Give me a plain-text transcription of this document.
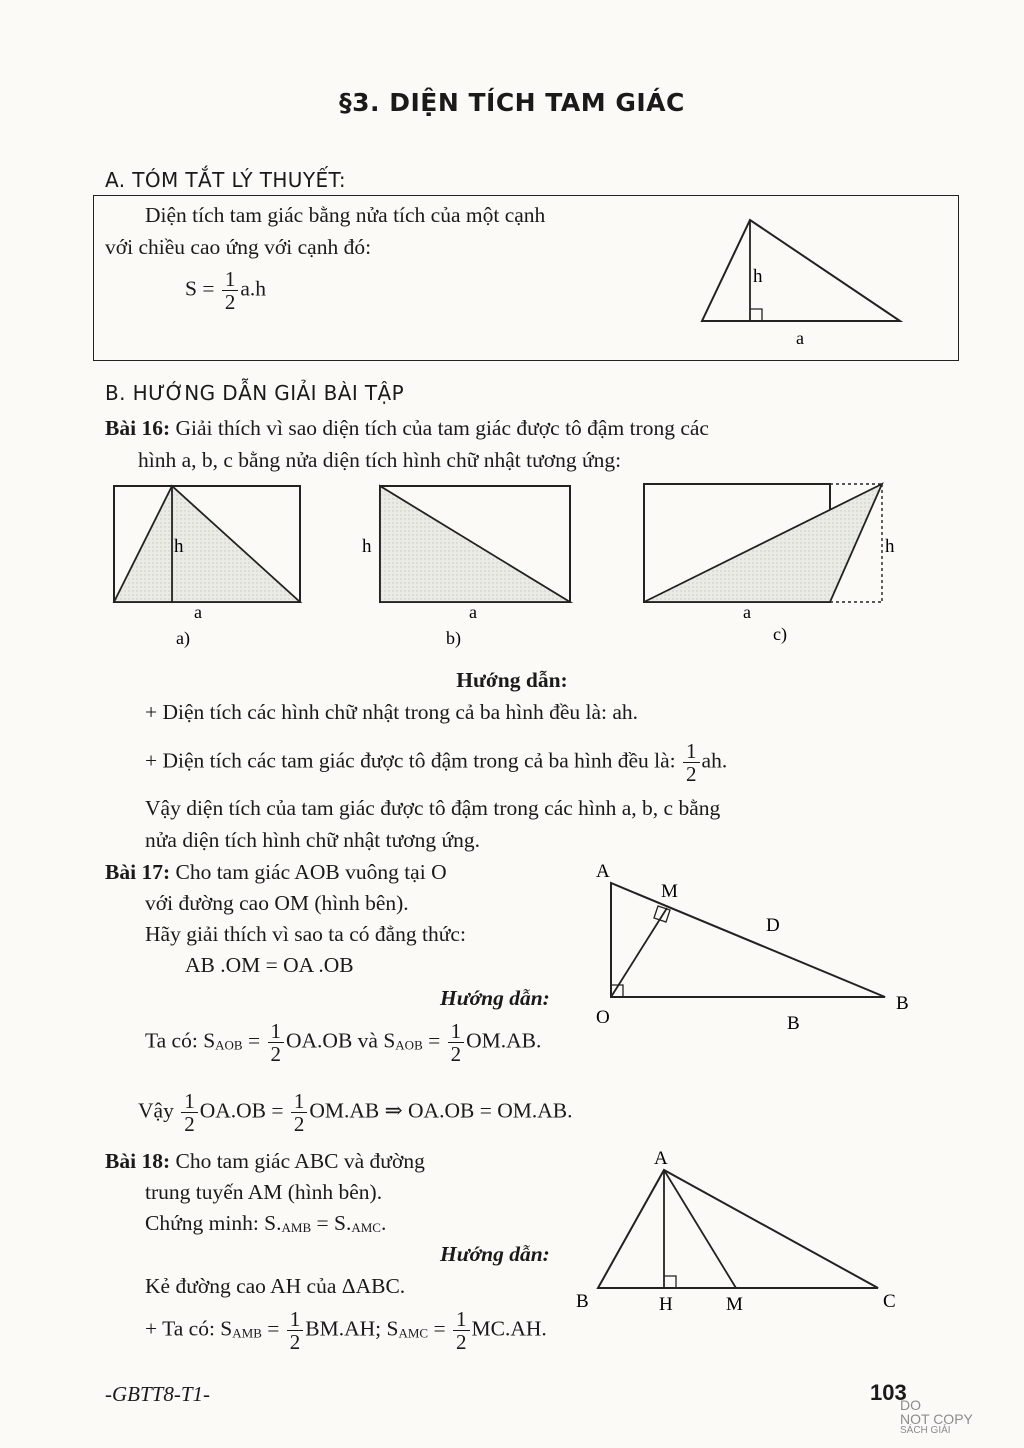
§3. DIỆN TÍCH TAM GIÁC
A. TÓM TẮT LÝ THUYẾT:
Diện tích tam giác bằng nửa tích của một cạnh
với chiều cao ứng với cạnh đó:
$S = \frac{1}{2} a.h$	h
a
B. HƯỚNG DẪN GIẢI BÀI TẬP
Bài 16: Giải thích vì sao diện tích của tam giác được tô đậm trong các
hình a, b, c bằng nửa diện tích hình chữ nhật tương ứng:
h
a
a)
h
a
b)
h
a
c)
Hướng dẫn:
+ Diện tích các hình chữ nhật trong cả ba hình đều là: ah.
+ Diện tích các tam giác được tô đậm trong cả ba hình đều là: $\frac{1}{2}$ ah.
Vậy diện tích của tam giác được tô đậm trong các hình a, b, c bằng
nửa diện tích hình chữ nhật tương ứng.
Bài 17: Cho tam giác AOB vuông tại O
với đường cao OM (hình bên).
Hãy giải thích vì sao ta có đẳng thức:
AB .OM = OA .OB
Hướng dẫn:
A
M
D
O
B
B
Ta có: $S_{AOB} = \frac{1}{2} OA.OB$ và $S_{AOB} = \frac{1}{2} OM.AB$.
Vậy $\frac{1}{2} OA.OB = \frac{1}{2} OM.AB$ ⇒ OA.OB = OM.AB.
Bài 18: Cho tam giác ABC và đường
trung tuyến AM (hình bên).
Chứng minh: $S._{AMB} = S._{AMC}$.
Hướng dẫn:
Kẻ đường cao AH của ΔABC.
A
B	H	M	C
+ Ta có: $S_{AMB} = \frac{1}{2} BM.AH$; $S_{AMC} = \frac{1}{2} MC.AH$.
-GBTT8-T1-	103
DO
NOT COPY
SÁCH GIẢI
